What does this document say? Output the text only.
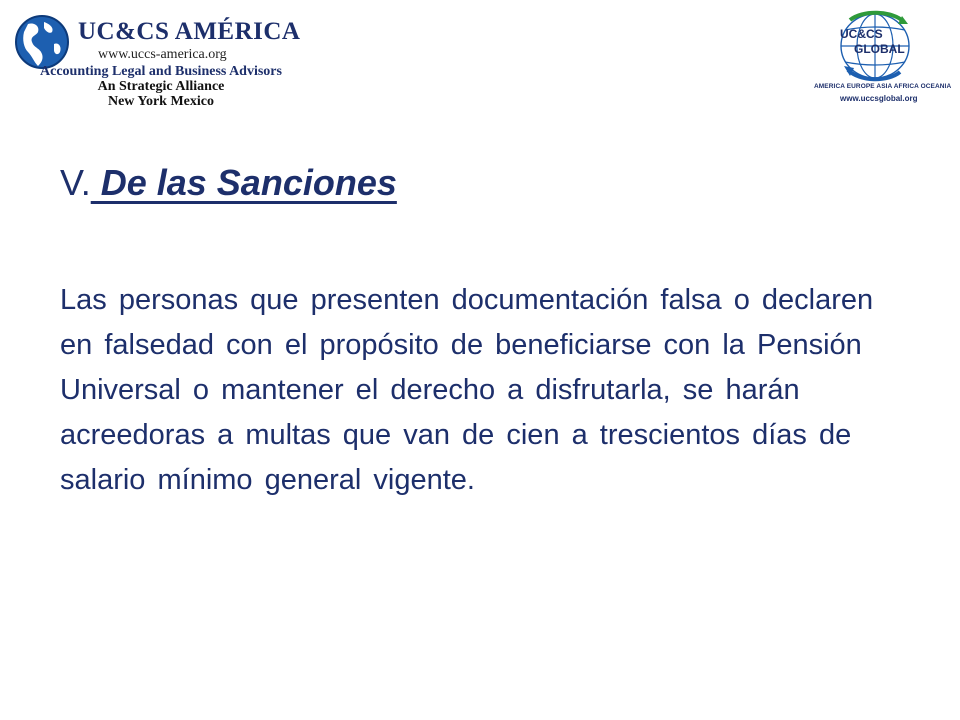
UC&CS AMÉRICA
www.uccs-america.org
Accounting Legal and Business Advisors
An Strategic Alliance
New York Mexico
UC&CS
GLOBAL
AMERICA EUROPE ASIA AFRICA OCEANIA
www.uccsglobal.org
V. De las Sanciones

Las personas que presenten documentación falsa o declaren en falsedad con el propósito de beneficiarse con la Pensión Universal o mantener el derecho a disfrutarla, se harán acreedoras a multas que van de cien a trescientos días de salario mínimo general vigente.
